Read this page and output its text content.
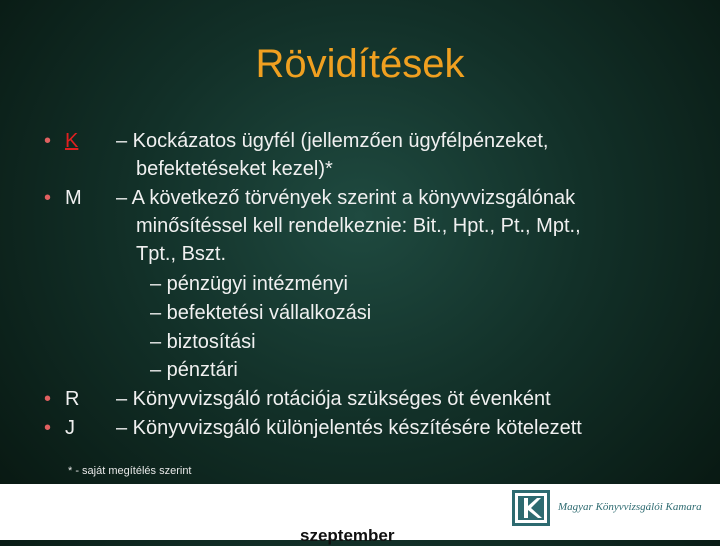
Rövidítések
• K – Kockázatos ügyfél (jellemzően ügyfélpénzeket,
befektetéseket kezel)*
• M – A következő törvények szerint a könyvvizsgálónak
minősítéssel kell rendelkeznie: Bit., Hpt., Pt., Mpt.,
Tpt., Bszt.
– pénzügyi intézményi
– befektetési vállalkozási
– biztosítási
– pénztári
• R – Könyvvizsgáló rotációja szükséges öt évenként
• J – Könyvvizsgáló különjelentés készítésére kötelezett
* - saját megítélés szerint
Magyar Könyvvizsgálói Kamara
szeptember
